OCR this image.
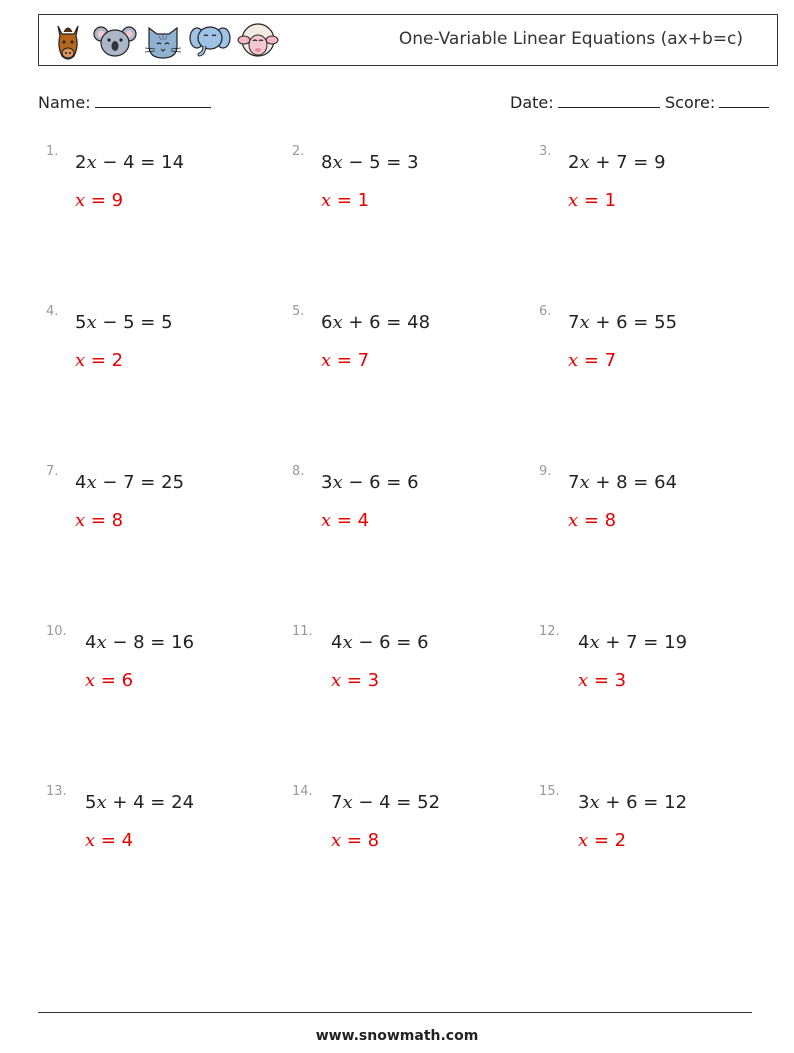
One-Variable Linear Equations (ax+b=c)
Name:	Date:	Score:
1.
2x − 4 = 14
x = 9
2.
8x − 5 = 3
x = 1
3.
2x + 7 = 9
x = 1
4.
5x − 5 = 5
x = 2
5.
6x + 6 = 48
x = 7
6.
7x + 6 = 55
x = 7
7.
4x − 7 = 25
x = 8
8.
3x − 6 = 6
x = 4
9.
7x + 8 = 64
x = 8
10.
4x − 8 = 16
x = 6
11.
4x − 6 = 6
x = 3
12.
4x + 7 = 19
x = 3
13.
5x + 4 = 24
x = 4
14.
7x − 4 = 52
x = 8
15.
3x + 6 = 12
x = 2
www.snowmath.com
